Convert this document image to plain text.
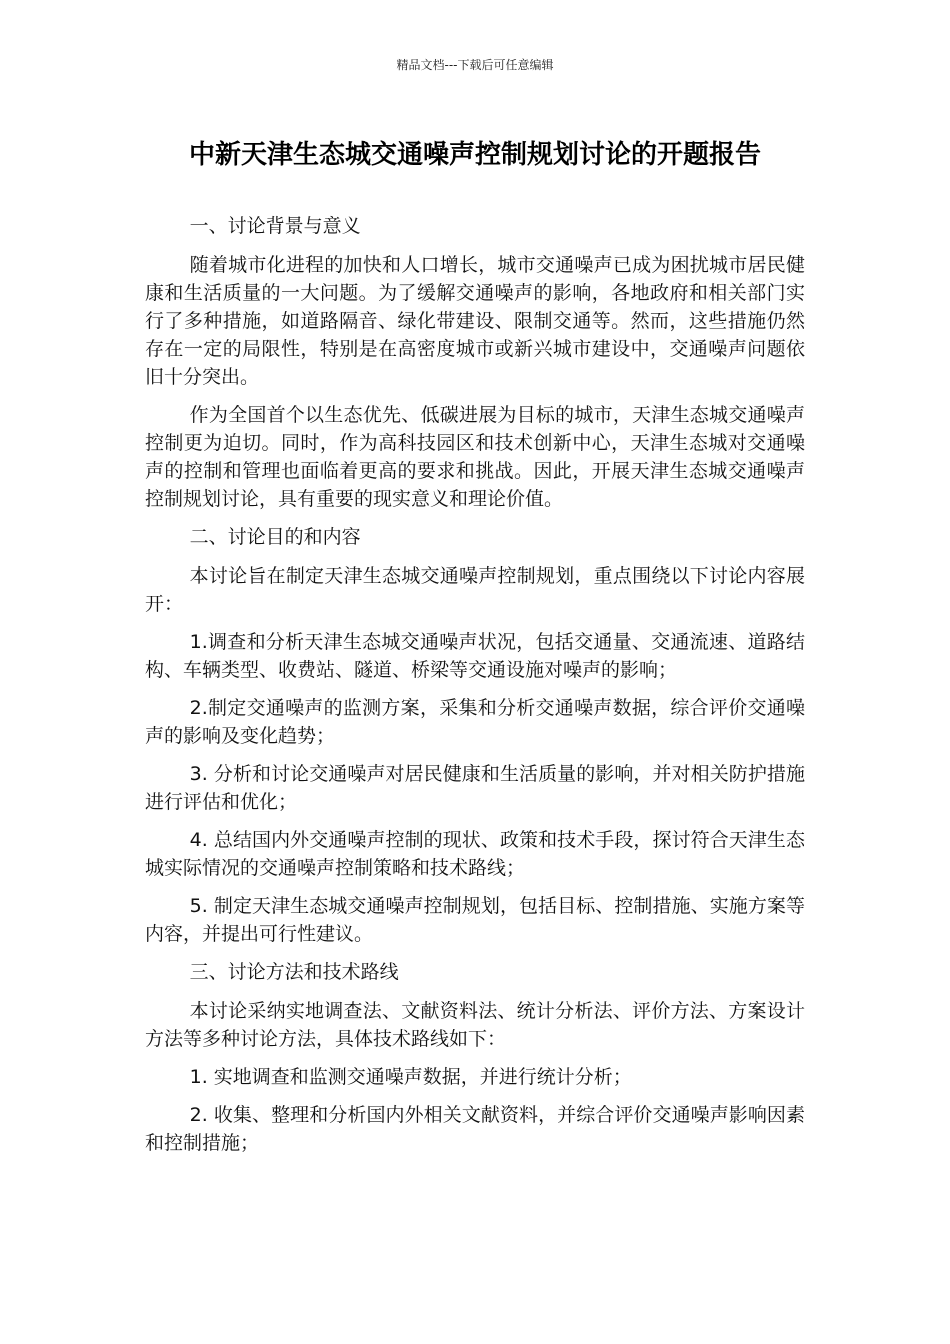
精品文档---下载后可任意编辑
中新天津生态城交通噪声控制规划讨论的开题报告

一、讨论背景与意义

随着城市化进程的加快和人口增长，城市交通噪声已成为困扰城市居民健康和生活质量的一大问题。为了缓解交通噪声的影响，各地政府和相关部门实行了多种措施，如道路隔音、绿化带建设、限制交通等。然而，这些措施仍然存在一定的局限性，特别是在高密度城市或新兴城市建设中，交通噪声问题依旧十分突出。

作为全国首个以生态优先、低碳进展为目标的城市，天津生态城交通噪声控制更为迫切。同时，作为高科技园区和技术创新中心，天津生态城对交通噪声的控制和管理也面临着更高的要求和挑战。因此，开展天津生态城交通噪声控制规划讨论，具有重要的现实意义和理论价值。

二、讨论目的和内容

本讨论旨在制定天津生态城交通噪声控制规划，重点围绕以下讨论内容展开：

1.调查和分析天津生态城交通噪声状况，包括交通量、交通流速、道路结构、车辆类型、收费站、隧道、桥梁等交通设施对噪声的影响；

2.制定交通噪声的监测方案，采集和分析交通噪声数据，综合评价交通噪声的影响及变化趋势；

3. 分析和讨论交通噪声对居民健康和生活质量的影响，并对相关防护措施进行评估和优化；

4. 总结国内外交通噪声控制的现状、政策和技术手段，探讨符合天津生态城实际情况的交通噪声控制策略和技术路线；

5. 制定天津生态城交通噪声控制规划，包括目标、控制措施、实施方案等内容，并提出可行性建议。

三、讨论方法和技术路线

本讨论采纳实地调查法、文献资料法、统计分析法、评价方法、方案设计方法等多种讨论方法，具体技术路线如下：

1. 实地调查和监测交通噪声数据，并进行统计分析；

2. 收集、整理和分析国内外相关文献资料，并综合评价交通噪声影响因素和控制措施；
